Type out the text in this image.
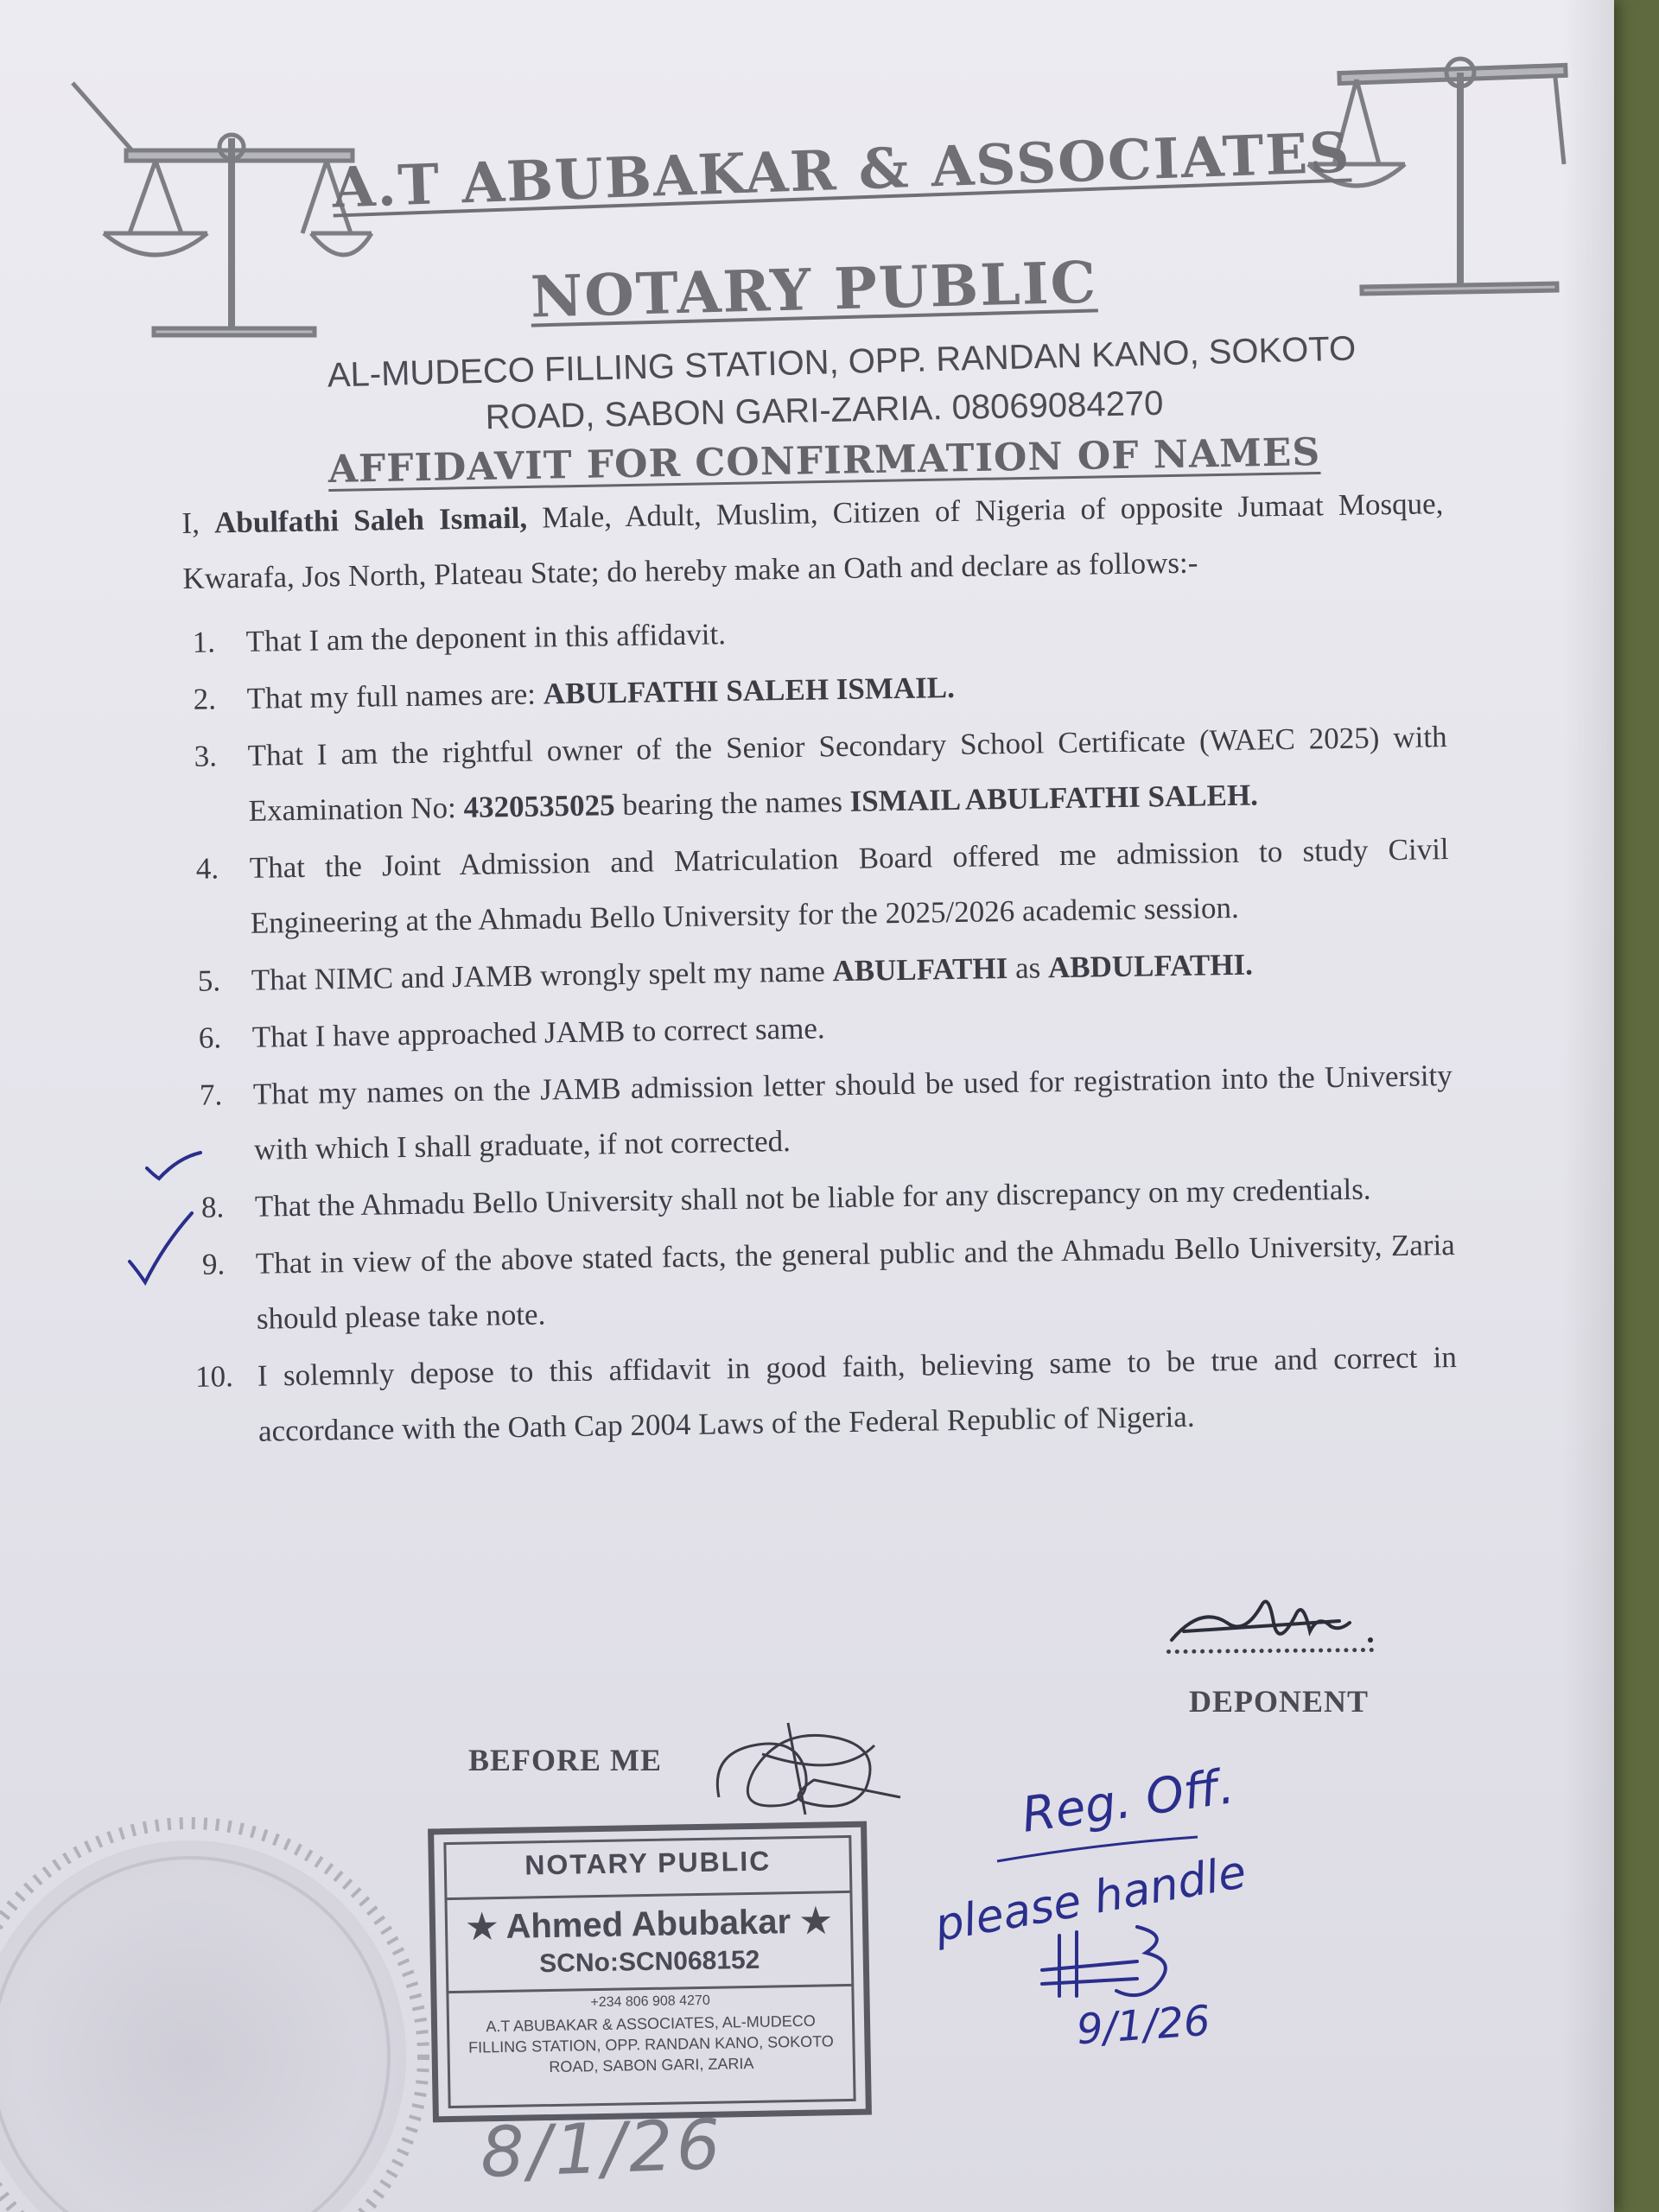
A.T ABUBAKAR & ASSOCIATES
NOTARY PUBLIC
AL-MUDECO FILLING STATION, OPP. RANDAN KANO, SOKOTO
ROAD, SABON GARI-ZARIA. 08069084270
AFFIDAVIT FOR CONFIRMATION OF NAMES

I, Abulfathi Saleh Ismail, Male, Adult, Muslim, Citizen of Nigeria of opposite Jumaat Mosque, Kwarafa, Jos North, Plateau State; do hereby make an Oath and declare as follows:-

1. That I am the deponent in this affidavit.
2. That my full names are: ABULFATHI SALEH ISMAIL.
3. That I am the rightful owner of the Senior Secondary School Certificate (WAEC 2025) with Examination No: 4320535025 bearing the names ISMAIL ABULFATHI SALEH.
4. That the Joint Admission and Matriculation Board offered me admission to study Civil Engineering at the Ahmadu Bello University for the 2025/2026 academic session.
5. That NIMC and JAMB wrongly spelt my name ABULFATHI as ABDULFATHI.
6. That I have approached JAMB to correct same.
7. That my names on the JAMB admission letter should be used for registration into the University with which I shall graduate, if not corrected.
8. That the Ahmadu Bello University shall not be liable for any discrepancy on my credentials.
9. That in view of the above stated facts, the general public and the Ahmadu Bello University, Zaria should please take note.
10. I solemnly depose to this affidavit in good faith, believing same to be true and correct in accordance with the Oath Cap 2004 Laws of the Federal Republic of Nigeria.
DEPONENT
BEFORE ME
NOTARY PUBLIC
★ Ahmed Abubakar ★
SCNo:SCN068152
+234 806 908 4270
A.T ABUBAKAR & ASSOCIATES, AL-MUDECO FILLING STATION, OPP. RANDAN KANO, SOKOTO ROAD, SABON GARI, ZARIA
8/1/26
Reg. Off.
please handle
9/1/26
